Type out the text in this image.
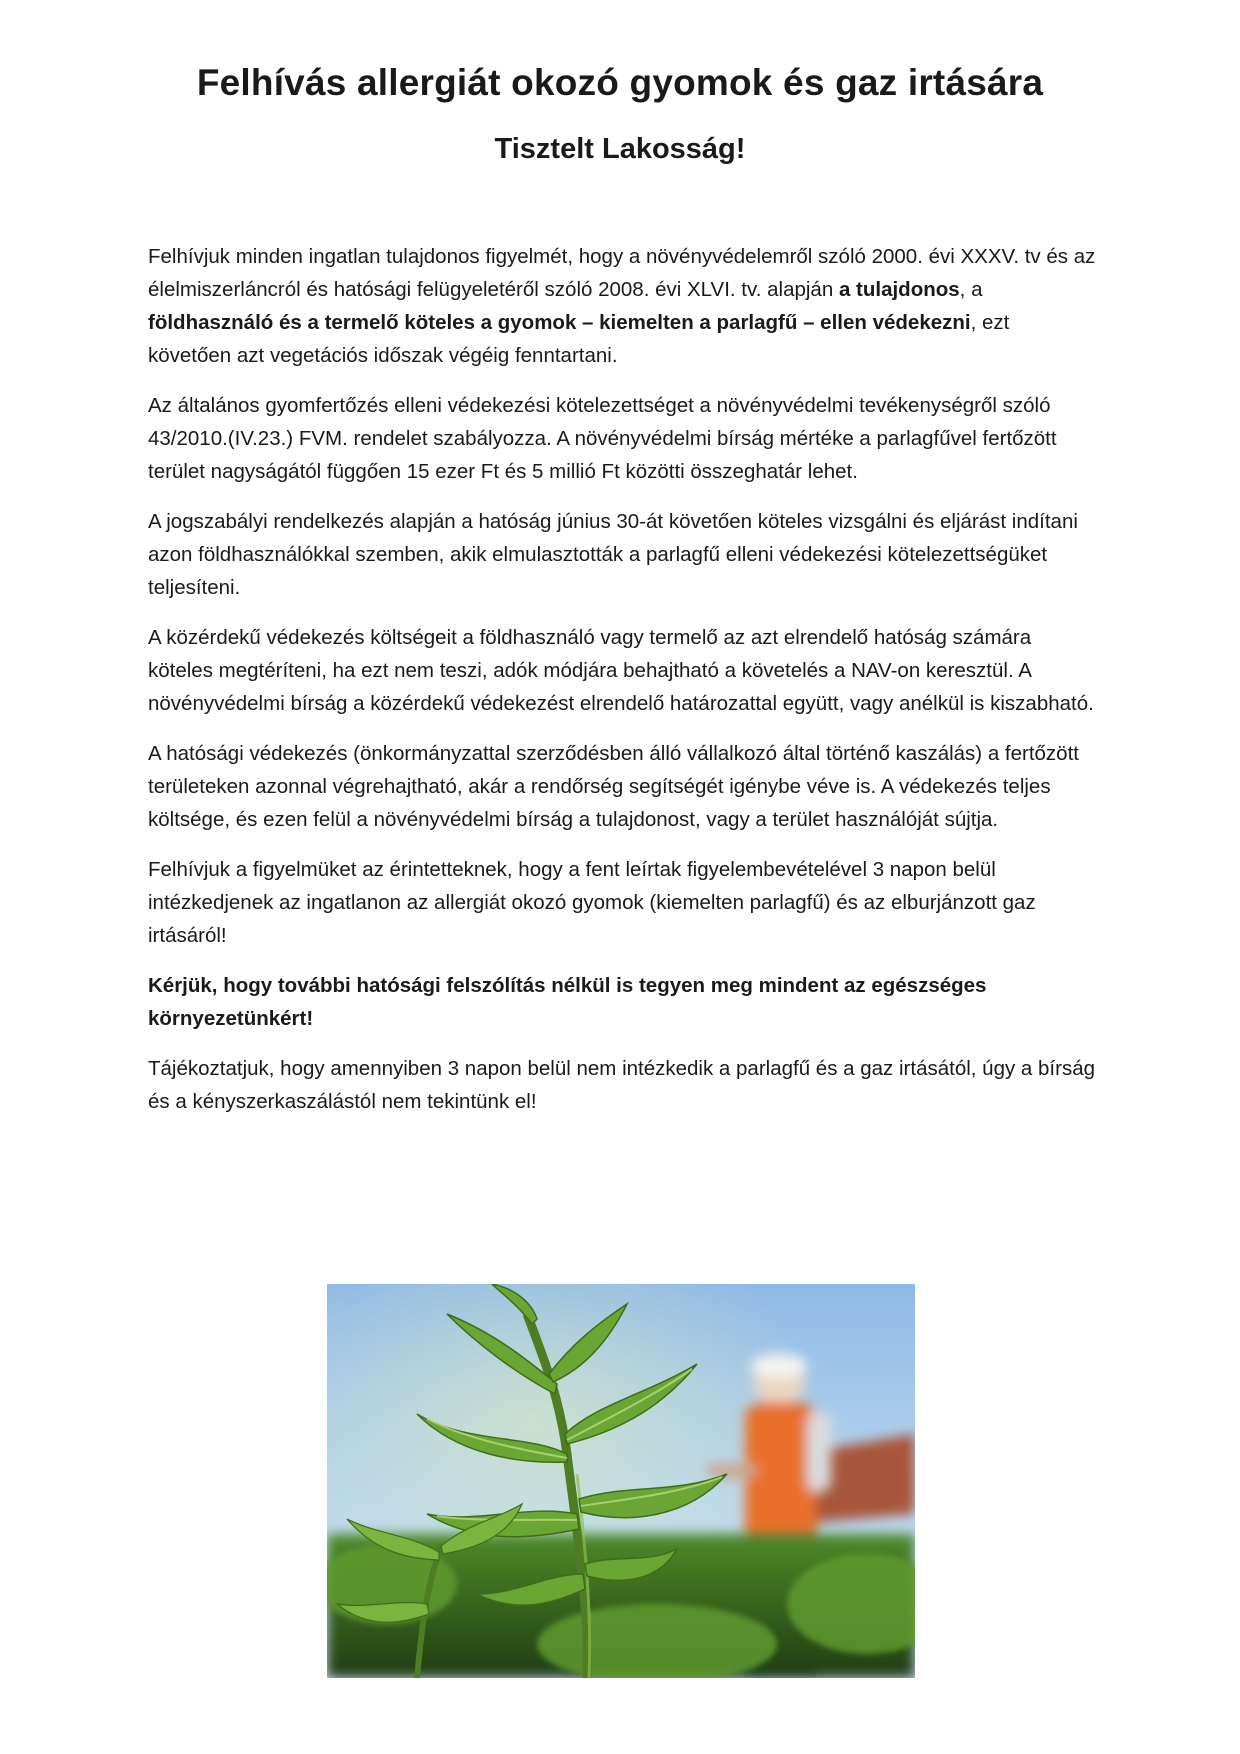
Felhívás allergiát okozó gyomok és gaz irtására
Tisztelt Lakosság!

Felhívjuk minden ingatlan tulajdonos figyelmét, hogy a növényvédelemről szóló 2000. évi XXXV. tv és az élelmiszerláncról és hatósági felügyeletéről szóló 2008. évi XLVI. tv. alapján a tulajdonos, a földhasználó és a termelő köteles a gyomok – kiemelten a parlagfű – ellen védekezni, ezt követően azt vegetációs időszak végéig fenntartani.

Az általános gyomfertőzés elleni védekezési kötelezettséget a növényvédelmi tevékenységről szóló 43/2010.(IV.23.) FVM. rendelet szabályozza. A növényvédelmi bírság mértéke a parlagfűvel fertőzött terület nagyságától függően 15 ezer Ft és 5 millió Ft közötti összeghatár lehet.

A jogszabályi rendelkezés alapján a hatóság június 30-át követően köteles vizsgálni és eljárást indítani azon földhasználókkal szemben, akik elmulasztották a parlagfű elleni védekezési kötelezettségüket teljesíteni.

A közérdekű védekezés költségeit a földhasználó vagy termelő az azt elrendelő hatóság számára köteles megtéríteni, ha ezt nem teszi, adók módjára behajtható a követelés a NAV-on keresztül. A növényvédelmi bírság a közérdekű védekezést elrendelő határozattal együtt, vagy anélkül is kiszabható.

A hatósági védekezés (önkormányzattal szerződésben álló vállalkozó által történő kaszálás) a fertőzött területeken azonnal végrehajtható, akár a rendőrség segítségét igénybe véve is. A védekezés teljes költsége, és ezen felül a növényvédelmi bírság a tulajdonost, vagy a terület használóját sújtja.

Felhívjuk a figyelmüket az érintetteknek, hogy a fent leírtak figyelembevételével 3 napon belül intézkedjenek az ingatlanon az allergiát okozó gyomok (kiemelten parlagfű) és az elburjánzott gaz irtásáról!

Kérjük, hogy további hatósági felszólítás nélkül is tegyen meg mindent az egészséges környezetünkért!

Tájékoztatjuk, hogy amennyiben 3 napon belül nem intézkedik a parlagfű és a gaz irtásától, úgy a bírság és a kényszerkaszálástól nem tekintünk el!
